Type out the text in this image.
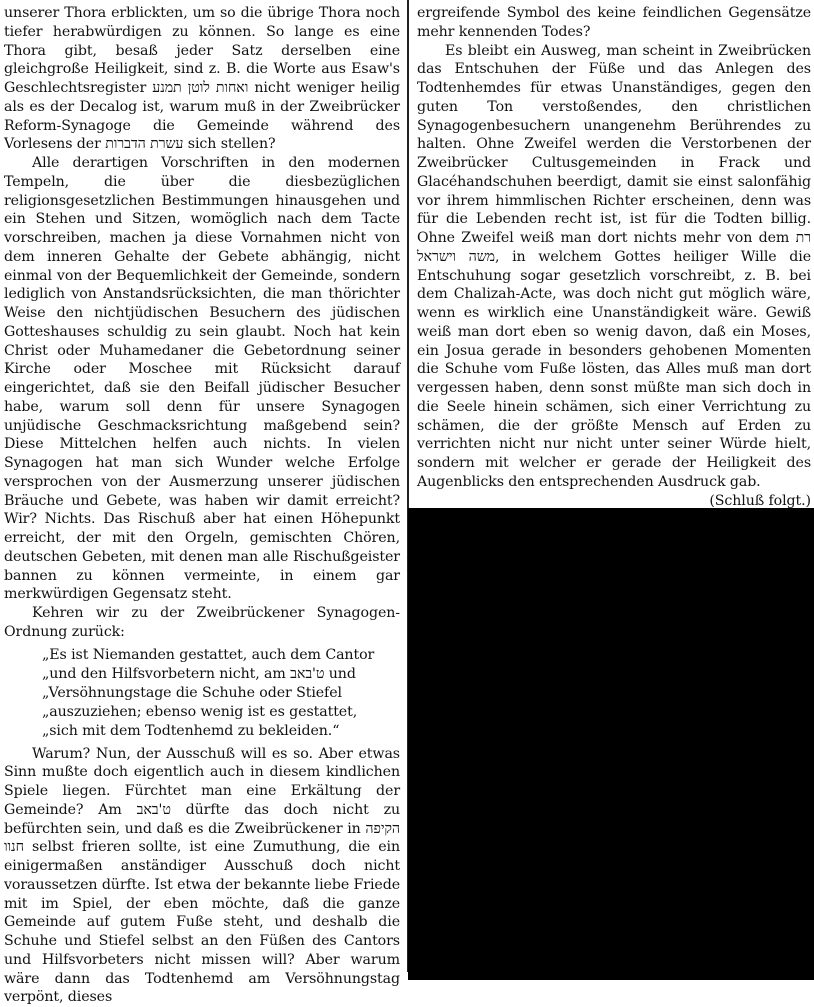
unserer Thora erblickten, um so die übrige Thora noch tiefer herabwürdigen zu können. So lange es eine Thora gibt, besaß jeder Satz derselben eine gleichgroße Heiligkeit, sind z. B. die Worte aus Esaw's Geschlechtsregister ואחות לוטן תמנע nicht weniger heilig als es der Decalog ist, warum muß in der Zweibrücker Reform-Synagoge die Gemeinde während des Vorlesens der עשרת הדברות sich stellen?

Alle derartigen Vorschriften in den modernen Tempeln, die über die diesbezüglichen religionsgesetzlichen Bestimmungen hinausgehen und ein Stehen und Sitzen, womöglich nach dem Tacte vorschreiben, machen ja diese Vornahmen nicht von dem inneren Gehalte der Gebete abhängig, nicht einmal von der Bequemlichkeit der Gemeinde, sondern lediglich von Anstandsrücksichten, die man thörichter Weise den nichtjüdischen Besuchern des jüdischen Gotteshauses schuldig zu sein glaubt. Noch hat kein Christ oder Muhamedaner die Gebetordnung seiner Kirche oder Moschee mit Rücksicht darauf eingerichtet, daß sie den Beifall jüdischer Besucher habe, warum soll denn für unsere Synagogen unjüdische Geschmacksrichtung maßgebend sein? Diese Mittelchen helfen auch nichts. In vielen Synagogen hat man sich Wunder welche Erfolge versprochen von der Ausmerzung unserer jüdischen Bräuche und Gebete, was haben wir damit erreicht? Wir? Nichts. Das Rischuß aber hat einen Höhepunkt erreicht, der mit den Orgeln, gemischten Chören, deutschen Gebeten, mit denen man alle Rischußgeister bannen zu können vermeinte, in einem gar merkwürdigen Gegensatz steht.

Kehren wir zu der Zweibrückener Synagogen-Ordnung zurück:

„Es ist Niemanden gestattet, auch dem Cantor
„und den Hilfsvorbetern nicht, am ט'באב und
„Versöhnungstage die Schuhe oder Stiefel
„auszuziehen; ebenso wenig ist es gestattet,
„sich mit dem Todtenhemd zu bekleiden.“

Warum? Nun, der Ausschuß will es so. Aber etwas Sinn mußte doch eigentlich auch in diesem kindlichen Spiele liegen. Fürchtet man eine Erkältung der Gemeinde? Am ט'באב dürfte das doch nicht zu befürchten sein, und daß es die Zweibrückener in הקיפה חנוו selbst frieren sollte, ist eine Zumuthung, die ein einigermaßen anständiger Ausschuß doch nicht voraussetzen dürfte. Ist etwa der bekannte liebe Friede mit im Spiel, der eben möchte, daß die ganze Gemeinde auf gutem Fuße steht, und deshalb die Schuhe und Stiefel selbst an den Füßen des Cantors und Hilfsvorbeters nicht missen will? Aber warum wäre dann das Todtenhemd am Versöhnungstag verpönt, dieses

ergreifende Symbol des keine feindlichen Gegensätze mehr kennenden Todes?

Es bleibt ein Ausweg, man scheint in Zweibrücken das Entschuhen der Füße und das Anlegen des Todtenhemdes für etwas Unanständiges, gegen den guten Ton verstoßendes, den christlichen Synagogenbesuchern unangenehm Berührendes zu halten. Ohne Zweifel werden die Verstorbenen der Zweibrücker Cultusgemeinden in Frack und Glacéhandschuhen beerdigt, damit sie einst salonfähig vor ihrem himmlischen Richter erscheinen, denn was für die Lebenden recht ist, ist für die Todten billig. Ohne Zweifel weiß man dort nichts mehr von dem רת משה וישראל, in welchem Gottes heiliger Wille die Entschuhung sogar gesetzlich vorschreibt, z. B. bei dem Chalizah-Acte, was doch nicht gut möglich wäre, wenn es wirklich eine Unanständigkeit wäre. Gewiß weiß man dort eben so wenig davon, daß ein Moses, ein Josua gerade in besonders gehobenen Momenten die Schuhe vom Fuße lösten, das Alles muß man dort vergessen haben, denn sonst müßte man sich doch in die Seele hinein schämen, sich einer Verrichtung zu schämen, die der größte Mensch auf Erden zu verrichten nicht nur nicht unter seiner Würde hielt, sondern mit welcher er gerade der Heiligkeit des Augenblicks den entsprechenden Ausdruck gab.
(Schluß folgt.)
